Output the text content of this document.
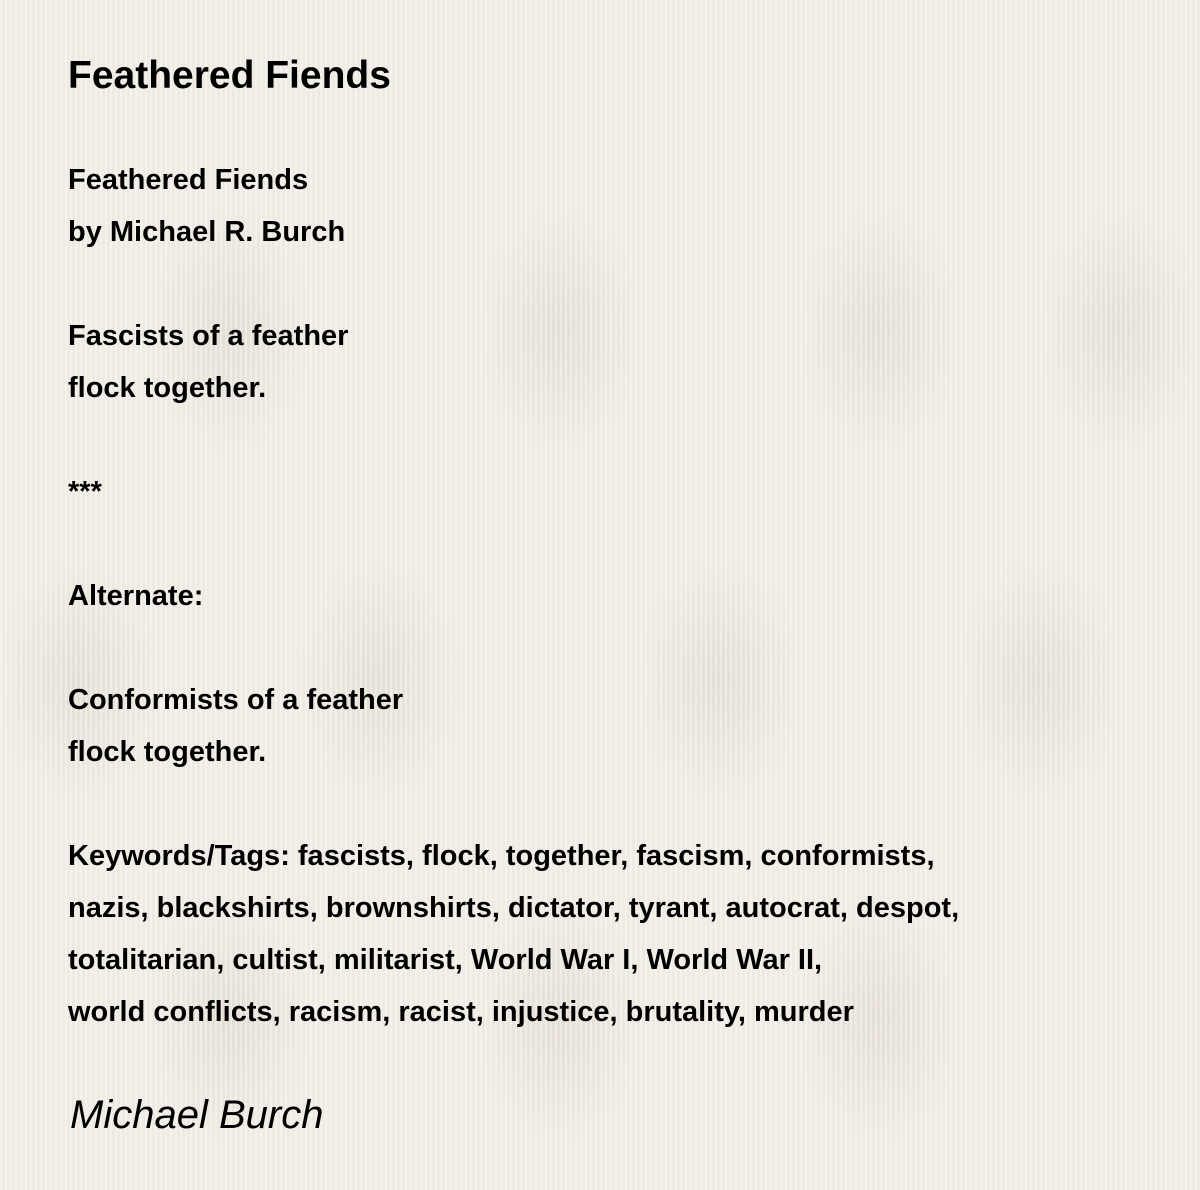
Feathered Fiends
Feathered Fiends
by Michael R. Burch
Fascists of a feather
flock together.
***
Alternate:
Conformists of a feather
flock together.
Keywords/Tags: fascists, flock, together, fascism, conformists,
nazis, blackshirts, brownshirts, dictator, tyrant, autocrat, despot,
totalitarian, cultist, militarist, World War I, World War II,
world conflicts, racism, racist, injustice, brutality, murder
Michael Burch
